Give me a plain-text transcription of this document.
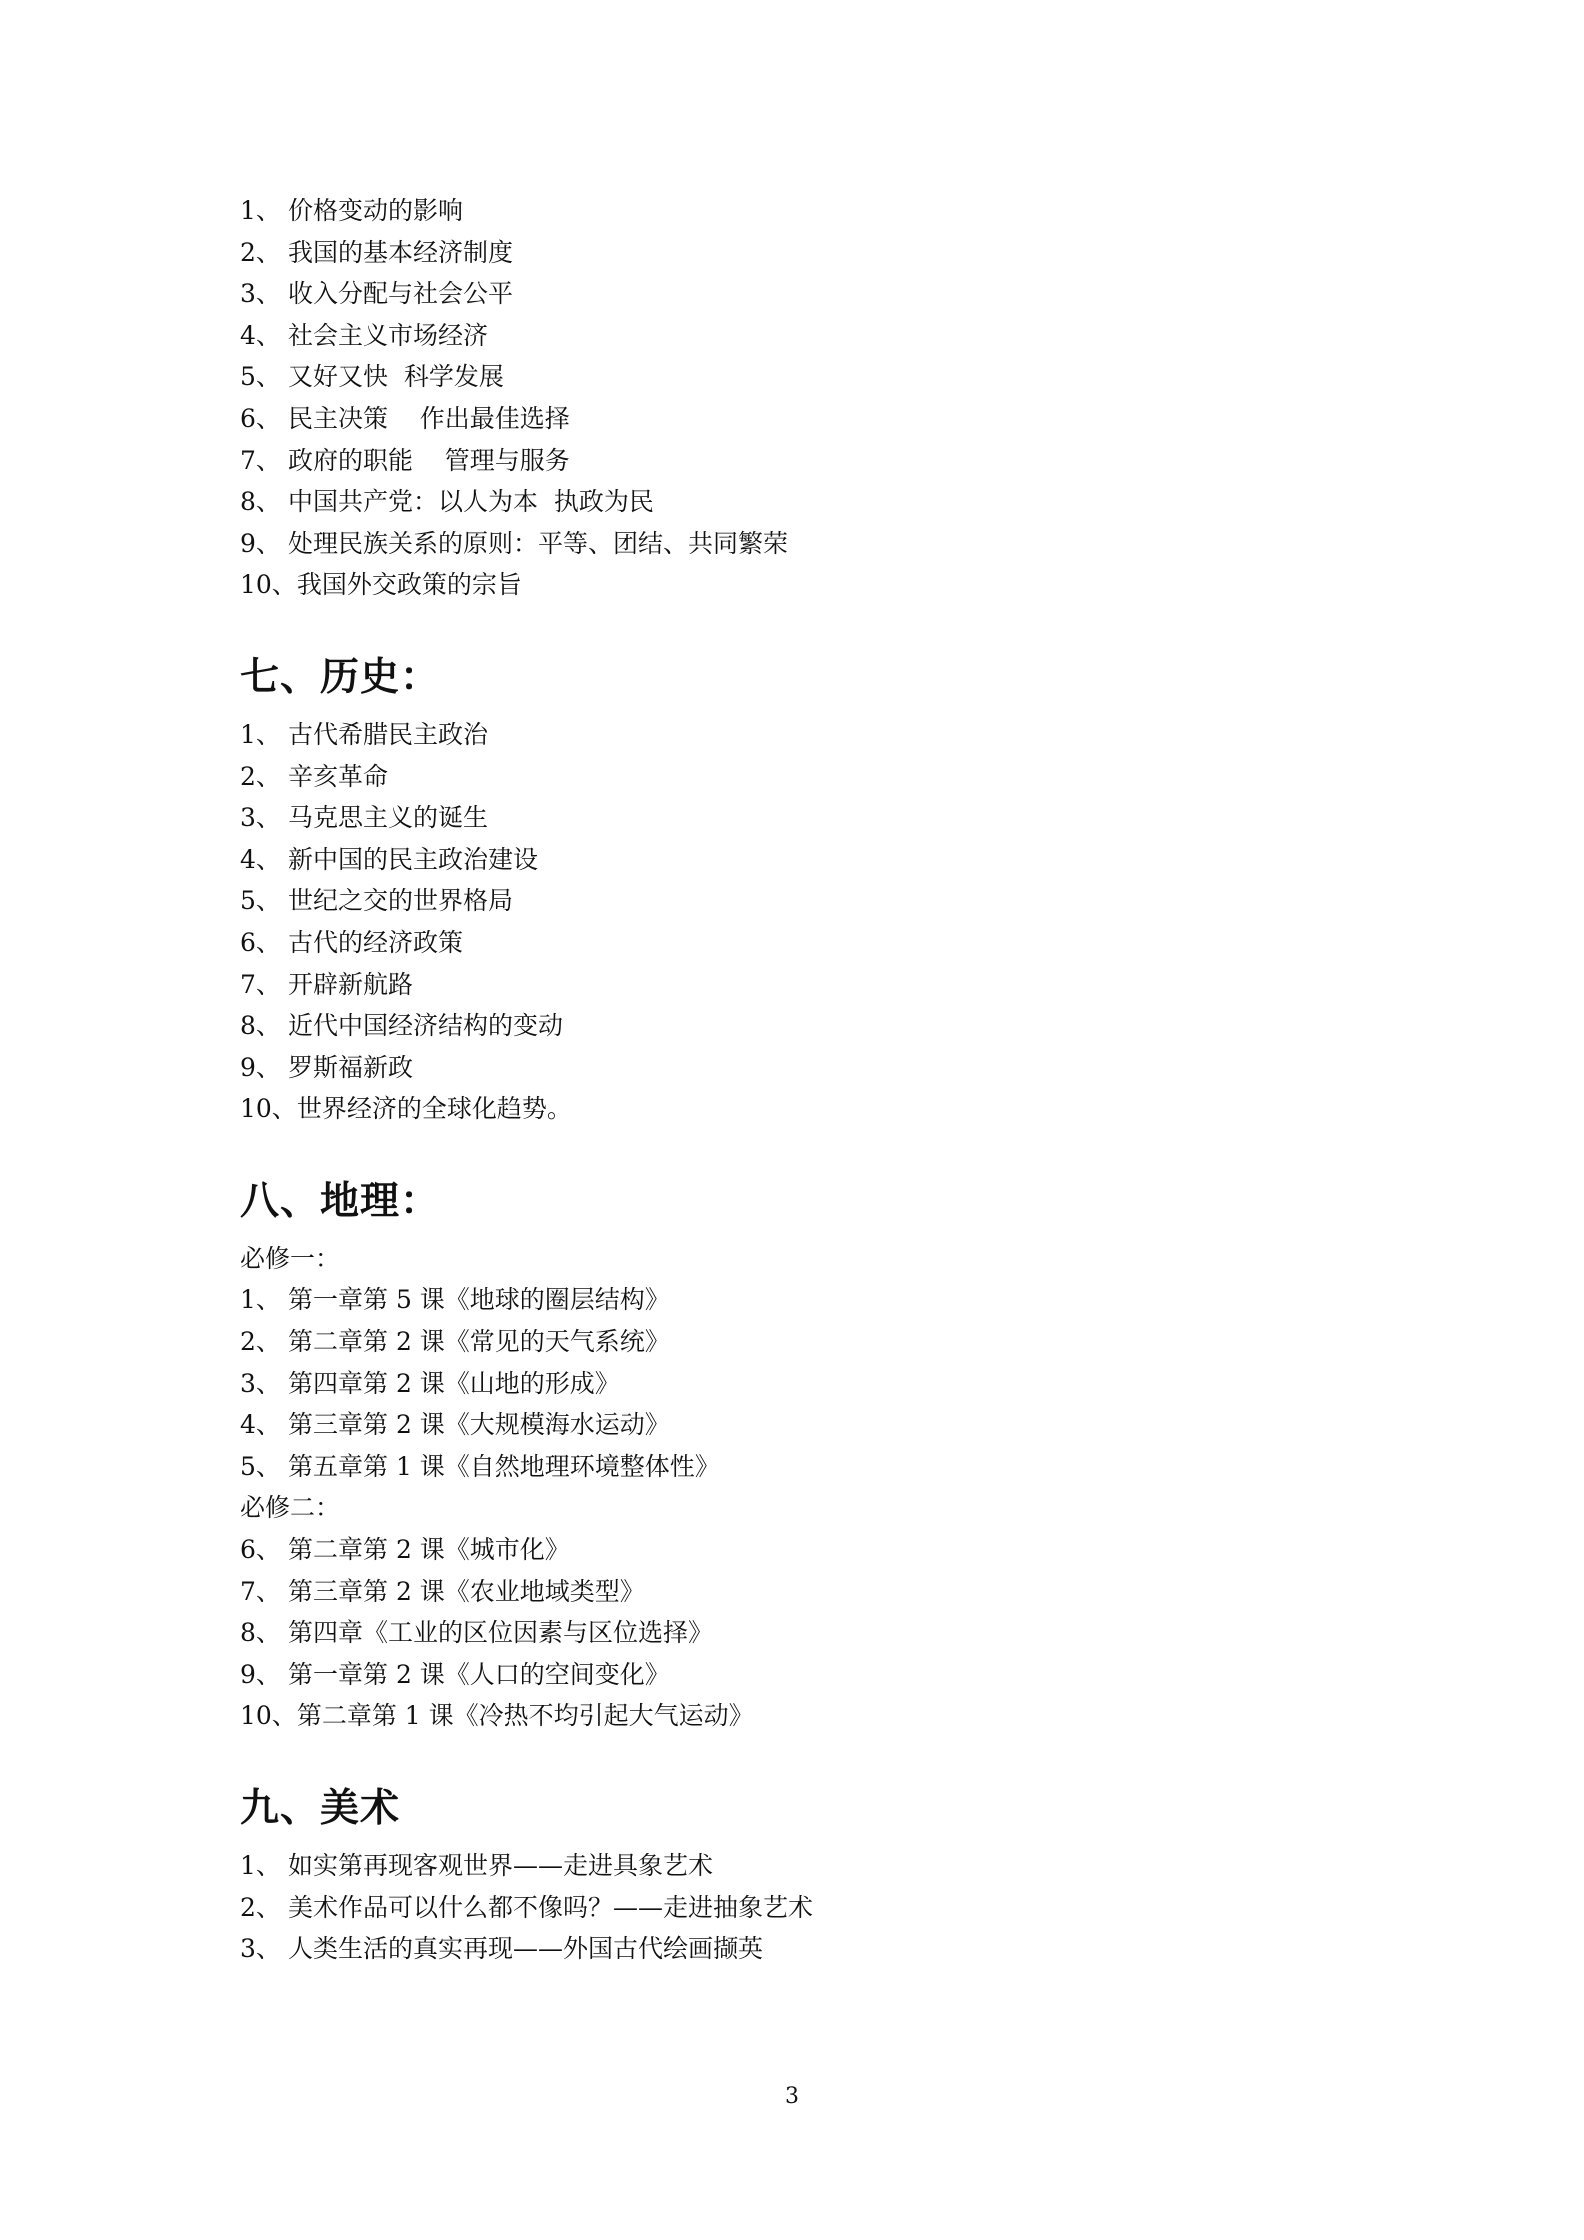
1、 价格变动的影响
2、 我国的基本经济制度
3、 收入分配与社会公平
4、 社会主义市场经济
5、 又好又快  科学发展
6、 民主决策    作出最佳选择
7、 政府的职能    管理与服务
8、 中国共产党：以人为本  执政为民
9、 处理民族关系的原则：平等、团结、共同繁荣
10、我国外交政策的宗旨
七、历史：
1、 古代希腊民主政治
2、 辛亥革命
3、 马克思主义的诞生
4、 新中国的民主政治建设
5、 世纪之交的世界格局
6、 古代的经济政策
7、 开辟新航路
8、 近代中国经济结构的变动
9、 罗斯福新政
10、世界经济的全球化趋势。
八、地理：
必修一：
1、 第一章第 5 课《地球的圈层结构》
2、 第二章第 2 课《常见的天气系统》
3、 第四章第 2 课《山地的形成》
4、 第三章第 2 课《大规模海水运动》
5、 第五章第 1 课《自然地理环境整体性》
必修二：
6、 第二章第 2 课《城市化》
7、 第三章第 2 课《农业地域类型》
8、 第四章《工业的区位因素与区位选择》
9、 第一章第 2 课《人口的空间变化》
10、第二章第 1 课《冷热不均引起大气运动》
九、美术
1、 如实第再现客观世界——走进具象艺术
2、 美术作品可以什么都不像吗？——走进抽象艺术
3、 人类生活的真实再现——外国古代绘画撷英
3
